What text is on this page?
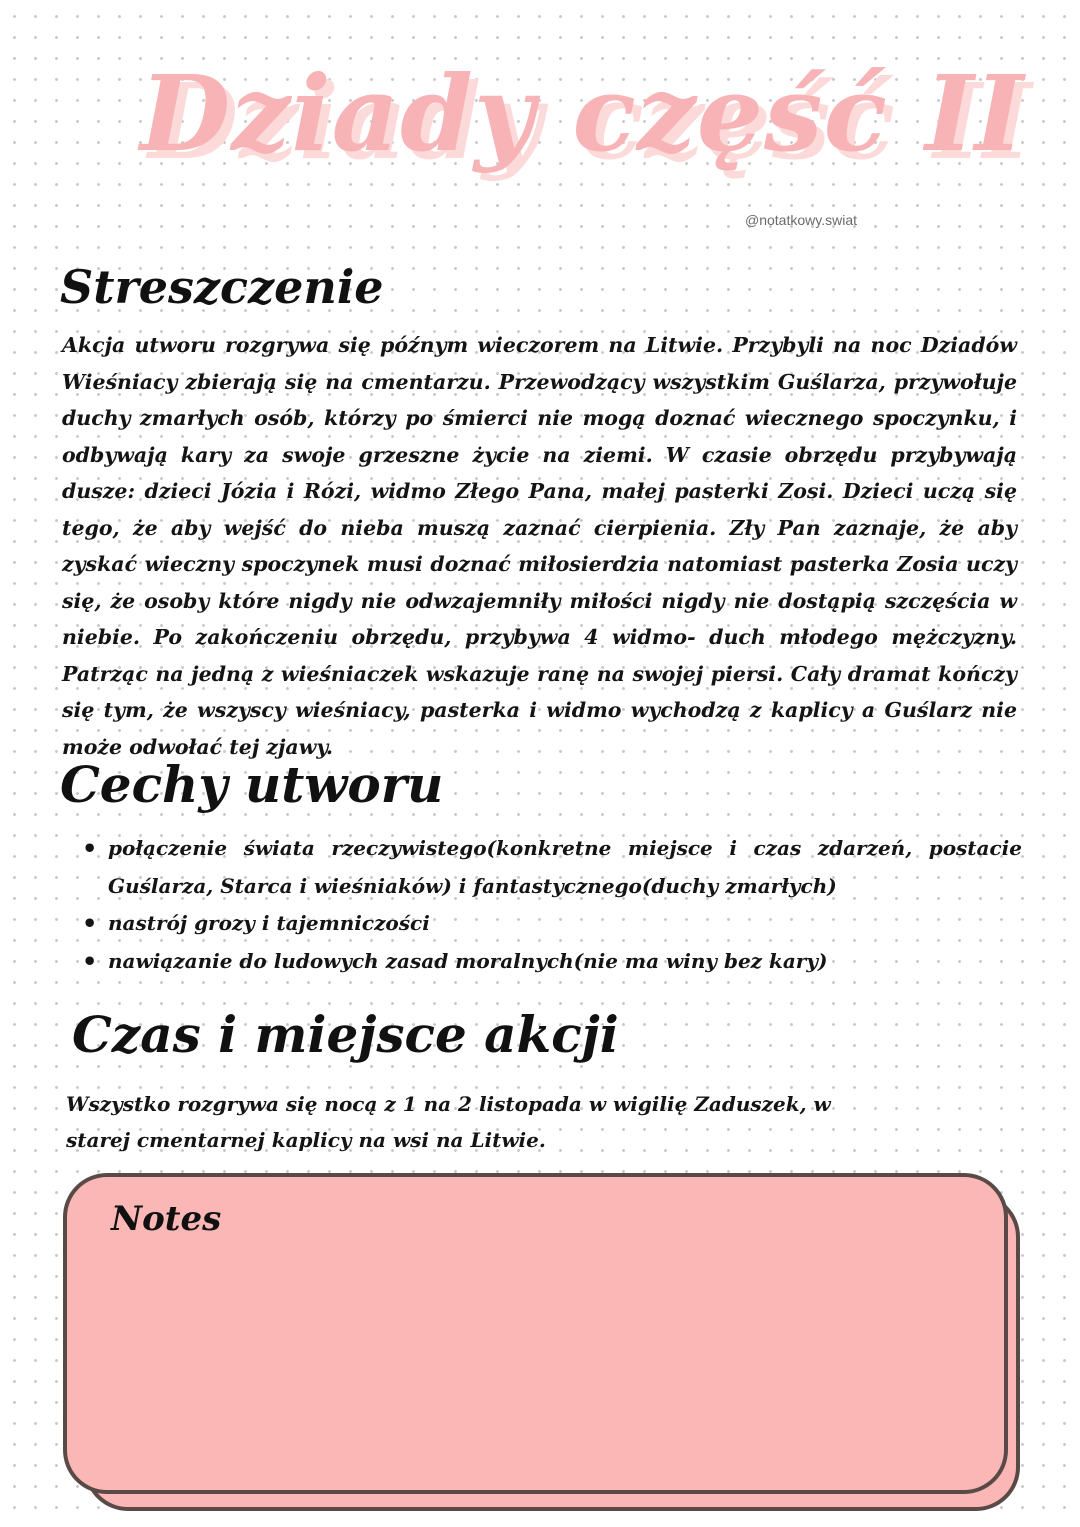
Dziady część II
@notatkowy.swiat
Streszczenie

Akcja utworu rozgrywa się późnym wieczorem na Litwie. Przybyli na noc Dziadów Wieśniacy zbierają się na cmentarzu. Przewodzący wszystkim Guślarza, przywołuje duchy zmarłych osób, którzy po śmierci nie mogą doznać wiecznego spoczynku, i odbywają kary za swoje grzeszne życie na ziemi. W czasie obrzędu przybywają dusze: dzieci Józia i Rózi, widmo Złego Pana, małej pasterki Zosi. Dzieci uczą się tego, że aby wejść do nieba muszą zaznać cierpienia. Zły Pan zaznaje, że aby zyskać wieczny spoczynek musi doznać miłosierdzia natomiast pasterka Zosia uczy się, że osoby które nigdy nie odwzajemniły miłości nigdy nie dostąpią szczęścia w niebie. Po zakończeniu obrzędu, przybywa 4 widmo- duch młodego mężczyzny. Patrząc na jedną z wieśniaczek wskazuje ranę na swojej piersi. Cały dramat kończy się tym, że wszyscy wieśniacy, pasterka i widmo wychodzą z kaplicy a Guślarz nie może odwołać tej zjawy.

Cechy utworu
• połączenie świata rzeczywistego(konkretne miejsce i czas zdarzeń, postacie Guślarza, Starca i wieśniaków) i fantastycznego(duchy zmarłych)
• nastrój grozy i tajemniczości
• nawiązanie do ludowych zasad moralnych(nie ma winy bez kary)
Czas i miejsce akcji

Wszystko rozgrywa się nocą z 1 na 2 listopada w wigilię Zaduszek, w starej cmentarnej kaplicy na wsi na Litwie.

Notes
